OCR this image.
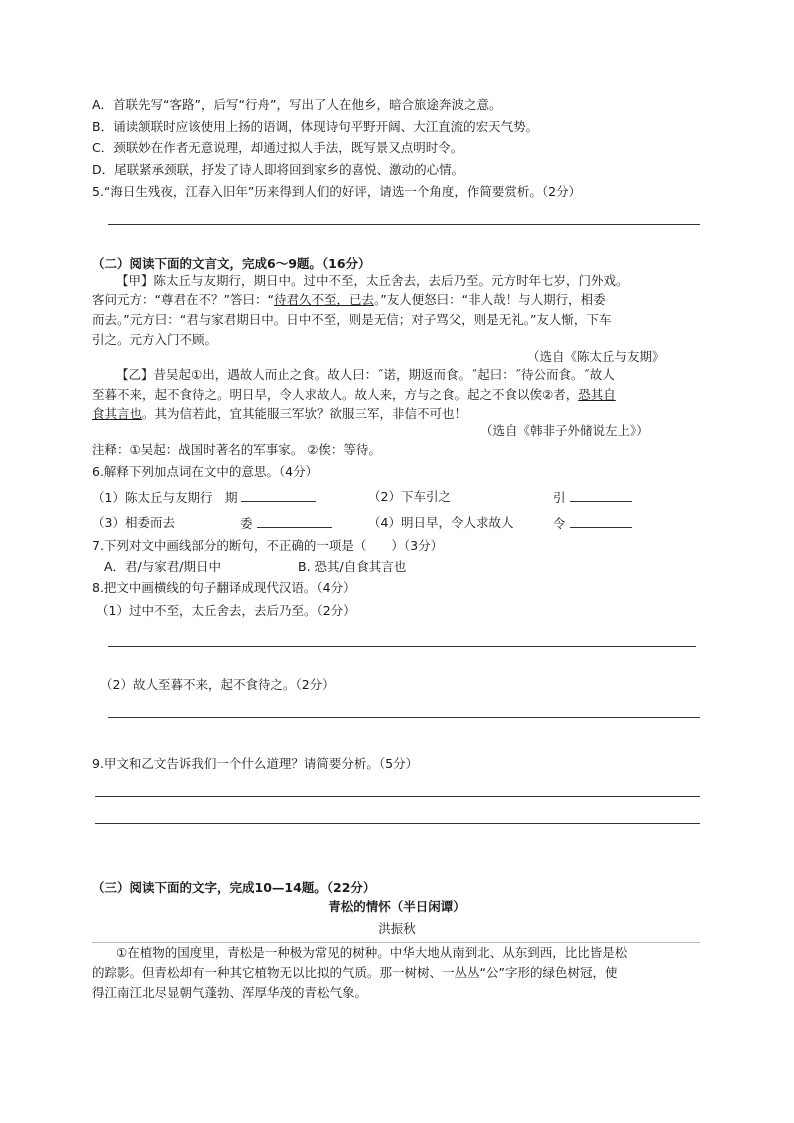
A．首联先写“客路”，后写“行舟”，写出了人在他乡，暗合旅途奔波之意。
B．诵读颔联时应该使用上扬的语调，体现诗句平野开阔、大江直流的宏天气势。
C．颈联妙在作者无意说理，却通过拟人手法，既写景又点明时令。
D．尾联紧承颈联，抒发了诗人即将回到家乡的喜悦、激动的心情。
5.“海日生残夜，江春入旧年”历来得到人们的好评，请选一个角度，作简要赏析。（2分）
（二）阅读下面的文言文，完成6～9题。（16分）
【甲】陈太丘与友期行，期日中。过中不至，太丘舍去，去后乃至。元方时年七岁，门外戏。
客问元方：“尊君在不？”答曰：“待君久不至，已去。”友人便怒曰：“非人哉！与人期行，相委
而去。”元方曰：“君与家君期日中。日中不至，则是无信；对子骂父，则是无礼。”友人惭，下车
引之。元方入门不顾。
（选自《陈太丘与友期》
【乙】昔吴起①出，遇故人而止之食。故人曰：˝诺，期返而食。˝起曰：˝待公而食。˝故人
至暮不来，起不食待之。明日早，令人求故人。故人来，方与之食。起之不食以俟②者，恐其自
食其言也。其为信若此，宜其能服三军欤？欲服三军，非信不可也！
（选自《韩非子外储说左上》）
注释：①吴起：战国时著名的军事家。 ②俟：等待。
6.解释下列加点词在文中的意思。（4分）
（1）陈太丘与友期行　期	（2）下车引之	引
（3）相委而去	委	（4）明日早，令人求故人	令
7.下列对文中画线部分的断句，不正确的一项是（　　）（3分）
A．君/与家君/期日中	B. 恐其/自食其言也
8.把文中画横线的句子翻译成现代汉语。（4分）
（1）过中不至，太丘舍去，去后乃至。（2分）
（2）故人至暮不来，起不食待之。（2分）
9.甲文和乙文告诉我们一个什么道理？请简要分析。（5分）
（三）阅读下面的文字，完成10—14题。（22分）
青松的情怀（半日闲谭）
洪振秋
①在植物的国度里，青松是一种极为常见的树种。中华大地从南到北、从东到西，比比皆是松
的踪影。但青松却有一种其它植物无以比拟的气质。那一树树、一丛丛“公”字形的绿色树冠，使
得江南江北尽显朝气蓬勃、浑厚华茂的青松气象。
